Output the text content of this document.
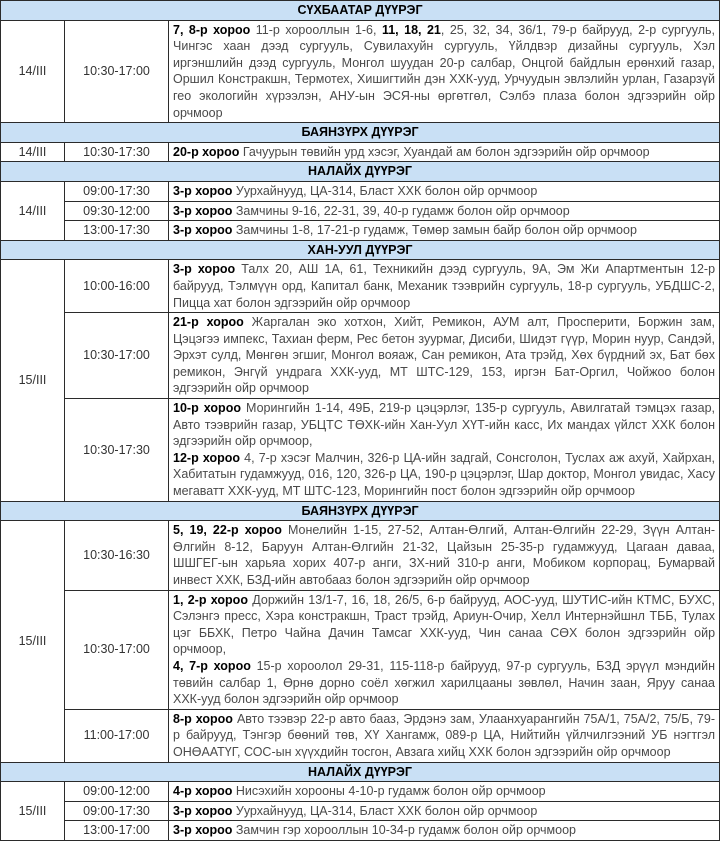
СҮХБААТАР ДҮҮРЭГ		
14/III	10:30-17:00	7, 8-р хороо 11-р хорооллын 1-6, 11, 18, 21, 25, 32, 34, 36/1, 79-р байрууд, 2-р сургууль, Чингэс хаан дээд сургууль, Сувилахуйн сургууль, Үйлдвэр дизайны сургууль, Хэл иргэншлийн дээд сургууль, Монгол шуудан 20-р салбар, Онцгой байдлын ерөнхий газар, Оршил Констракшн, Термотех, Хишигтийн дэн ХХК-ууд, Урчуудын эвлэлийн урлан, Газарзүй гео экологийн хүрээлэн, АНУ-ын ЭСЯ-ны өргөтгөл, Сэлбэ плаза болон эдгээрийн ойр орчмоор
БАЯНЗҮРХ ДҮҮРЭГ		
14/III	10:30-17:30	20-р хороо Гачуурын төвийн урд хэсэг, Хуандай ам болон эдгээрийн ойр орчмоор
НАЛАЙХ ДҮҮРЭГ		
14/III	09:00-17:30	3-р хороо Уурхайнууд, ЦА-314, Бласт ХХК болон ойр орчмоор
	09:30-12:00	3-р хороо Замчины 9-16, 22-31, 39, 40-р гудамж болон ойр орчмоор
	13:00-17:30	3-р хороо Замчины 1-8, 17-21-р гудамж, Төмөр замын байр болон ойр орчмоор
ХАН-УУЛ ДҮҮРЭГ		
15/III	10:00-16:00	3-р хороо Талх 20, АШ 1А, 61, Техникийн дээд сургууль, 9А, Эм Жи Апартментын 12-р байрууд, Тэлмүүн орд, Капитал банк, Механик тээврийн сургууль, 18-р сургууль, УБДШС-2, Пицца хат болон эдгээрийн ойр орчмоор
	10:30-17:00	21-р хороо Жаргалан эко хотхон, Хийт, Ремикон, АУМ алт, Просперити, Боржин зам, Цэцэгээ импекс, Тахиан ферм, Рес бетон зуурмаг, Дисиби, Шидэт гүүр, Морин нуур, Сандэй, Эрхэт сулд, Мөнгөн эгшиг, Монгол вояаж, Сан ремикон, Ата трэйд, Хөх бүрдний эх, Бат бөх ремикон, Энгүй ундрага ХХК-ууд, МТ ШТС-129, 153, иргэн Бат-Оргил, Чойжоо болон эдгээрийн ойр орчмоор
	10:30-17:30	10-р хороо Морингийн 1-14, 49Б, 219-р цэцэрлэг, 135-р сургууль, Авилгатай тэмцэх газар, Авто тээврийн газар, УБЦТС ТӨХК-ийн Хан-Уул ХҮТ-ийн касс, Их мандах үйлст ХХК болон эдгээрийн ойр орчмоор,
12-р хороо 4, 7-р хэсэг Малчин, 326-р ЦА-ийн задгай, Сонсголон, Туслах аж ахуй, Хайрхан, Хабитатын гудамжууд, 016, 120, 326-р ЦА, 190-р цэцэрлэг, Шар доктор, Монгол увидас, Хасу мегаватт ХХК-ууд, МТ ШТС-123, Морингийн пост болон эдгээрийн ойр орчмоор

БАЯНЗҮРХ ДҮҮРЭГ		
15/III	10:30-16:30	5, 19, 22-р хороо Монелийн 1-15, 27-52, Алтан-Өлгий, Алтан-Өлгийн 22-29, Зүүн Алтан-Өлгийн 8-12, Баруун Алтан-Өлгийн 21-32, Цайзын 25-35-р гудамжууд, Цагаан даваа, ШШГЕГ-ын харьяа хорих 407-р анги, ЗХ-ний 310-р анги, Мобиком корпорац, Бумарвай инвест ХХК, БЗД-ийн автобааз болон эдгээрийн ойр орчмоор
	10:30-17:00	1, 2-р хороо Доржийн 13/1-7, 16, 18, 26/5, 6-р байрууд, АОС-ууд, ШУТИС-ийн КТМС, БУХС, Сэлэнгэ пресс, Хэра констракшн, Траст трэйд, Ариун-Очир, Хелл Интернэйшнл ТББ, Тулах цэг ББХК, Петро Чайна Дачин Тамсаг ХХК-ууд, Чин санаа СӨХ болон эдгээрийн ойр орчмоор,
4, 7-р хороо 15-р хороолол 29-31, 115-118-р байрууд, 97-р сургууль, БЗД эрүүл мэндийн төвийн салбар 1, Өрнө дорно соёл хөгжил харилцааны зөвлөл, Начин заан, Яруу санаа ХХК-ууд болон эдгээрийн ойр орчмоор

	11:00-17:00	8-р хороо Авто тээвэр 22-р авто бааз, Эрдэнэ зам, Улаанхуарангийн 75А/1, 75А/2, 75/Б, 79-р байрууд, Тэнгэр бөөний төв, ХҮ Хангамж, 089-р ЦА, Нийтийн үйлчилгээний УБ нэгтгэл ОНӨААТҮГ, СОС-ын хүүхдийн тосгон, Авзага хийц ХХК болон эдгээрийн ойр орчмоор
НАЛАЙХ ДҮҮРЭГ		
15/III	09:00-12:00	4-р хороо Нисэхийн хорооны 4-10-р гудамж болон ойр орчмоор
	09:00-17:30	3-р хороо Уурхайнууд, ЦА-314, Бласт ХХК болон ойр орчмоор
	13:00-17:00	3-р хороо Замчин гэр хорооллын 10-34-р гудамж болон ойр орчмоор
